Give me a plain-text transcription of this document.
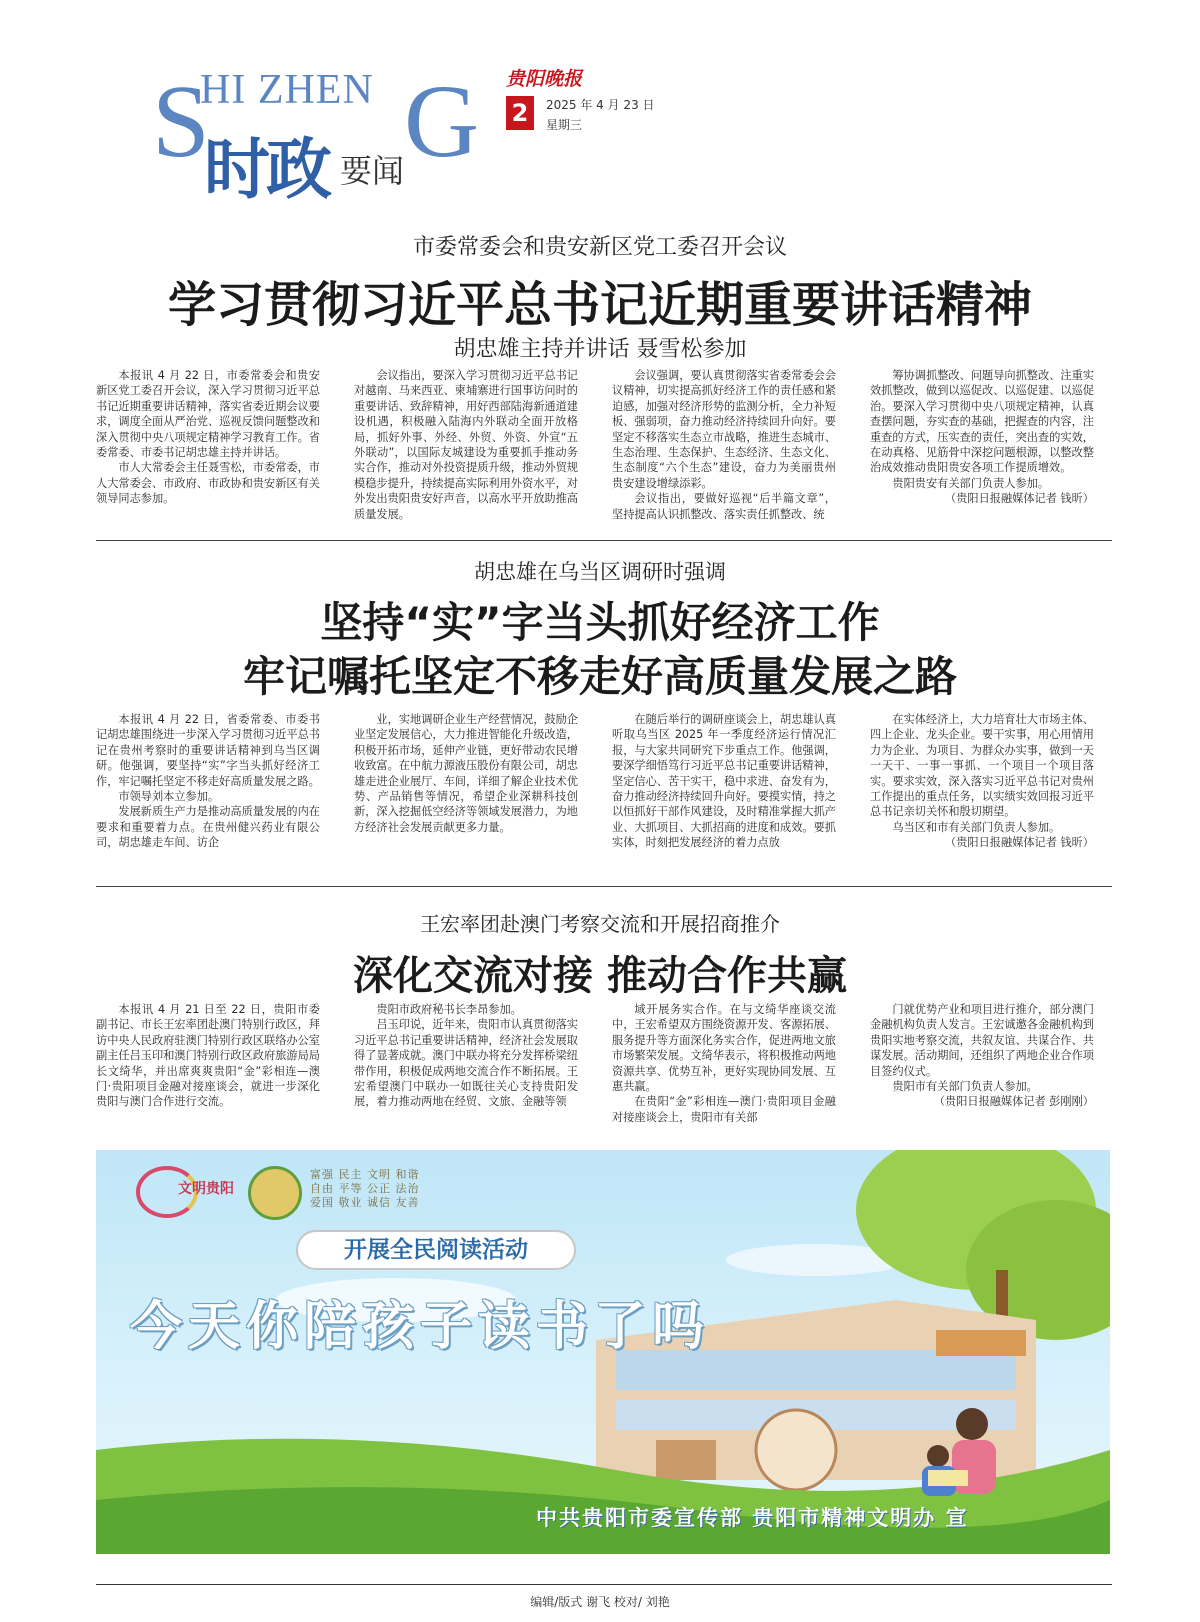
S
HI ZHEN G
时政 要闻
贵阳晚报
2	2025 年 4 月 23 日
星期三
市委常委会和贵安新区党工委召开会议
学习贯彻习近平总书记近期重要讲话精神
胡忠雄主持并讲话 聂雪松参加

本报讯 4 月 22 日，市委常委会和贵安新区党工委召开会议，深入学习贯彻习近平总书记近期重要讲话精神，落实省委近期会议要求，调度全面从严治党、巡视反馈问题整改和深入贯彻中央八项规定精神学习教育工作。省委常委、市委书记胡忠雄主持并讲话。

市人大常委会主任聂雪松，市委常委，市人大常委会、市政府、市政协和贵安新区有关领导同志参加。

会议指出，要深入学习贯彻习近平总书记对越南、马来西亚、柬埔寨进行国事访问时的重要讲话、致辞精神，用好西部陆海新通道建设机遇，积极融入陆海内外联动全面开放格局，抓好外事、外经、外贸、外资、外宣“五外联动”，以国际友城建设为重要抓手推动务实合作，推动对外投资提质升级，推动外贸规模稳步提升，持续提高实际利用外资水平，对外发出贵阳贵安好声音，以高水平开放助推高质量发展。

会议强调，要认真贯彻落实省委常委会会议精神，切实提高抓好经济工作的责任感和紧迫感，加强对经济形势的监测分析，全力补短板、强弱项，奋力推动经济持续回升向好。要坚定不移落实生态立市战略，推进生态城市、生态治理、生态保护、生态经济、生态文化、生态制度“六个生态”建设，奋力为美丽贵州贵安建设增绿添彩。

会议指出，要做好巡视“后半篇文章”，坚持提高认识抓整改、落实责任抓整改、统

筹协调抓整改、问题导向抓整改、注重实效抓整改，做到以巡促改、以巡促建、以巡促治。要深入学习贯彻中央八项规定精神，认真查摆问题，夯实查的基础，把握查的内容，注重查的方式，压实查的责任，突出查的实效，在动真格、见筋骨中深挖问题根源，以整改整治成效推动贵阳贵安各项工作提质增效。

贵阳贵安有关部门负责人参加。

（贵阳日报融媒体记者 钱昕）

胡忠雄在乌当区调研时强调
坚持“实”字当头抓好经济工作
牢记嘱托坚定不移走好高质量发展之路

本报讯 4 月 22 日，省委常委、市委书记胡忠雄围绕进一步深入学习贯彻习近平总书记在贵州考察时的重要讲话精神到乌当区调研。他强调，要坚持“实”字当头抓好经济工作，牢记嘱托坚定不移走好高质量发展之路。

市领导刘本立参加。

发展新质生产力是推动高质量发展的内在要求和重要着力点。在贵州健兴药业有限公司，胡忠雄走车间、访企

业，实地调研企业生产经营情况，鼓励企业坚定发展信心，大力推进智能化升级改造，积极开拓市场，延伸产业链，更好带动农民增收致富。在中航力源液压股份有限公司，胡忠雄走进企业展厅、车间，详细了解企业技术优势、产品销售等情况，希望企业深耕科技创新，深入挖掘低空经济等领域发展潜力，为地方经济社会发展贡献更多力量。

在随后举行的调研座谈会上，胡忠雄认真听取乌当区 2025 年一季度经济运行情况汇报，与大家共同研究下步重点工作。他强调，要深学细悟笃行习近平总书记重要讲话精神，坚定信心、苦干实干，稳中求进、奋发有为，奋力推动经济持续回升向好。要摸实情，持之以恒抓好干部作风建设，及时精准掌握大抓产业、大抓项目、大抓招商的进度和成效。要抓实体，时刻把发展经济的着力点放

在实体经济上，大力培育壮大市场主体、四上企业、龙头企业。要干实事，用心用情用力为企业、为项目、为群众办实事，做到一天一天干、一事一事抓、一个项目一个项目落实。要求实效，深入落实习近平总书记对贵州工作提出的重点任务，以实绩实效回报习近平总书记亲切关怀和殷切期望。

乌当区和市有关部门负责人参加。

（贵阳日报融媒体记者 钱昕）

王宏率团赴澳门考察交流和开展招商推介
深化交流对接 推动合作共赢

本报讯 4 月 21 日至 22 日，贵阳市委副书记、市长王宏率团赴澳门特别行政区，拜访中央人民政府驻澳门特别行政区联络办公室副主任吕玉印和澳门特别行政区政府旅游局局长文绮华，并出席爽爽贵阳“金”彩相连—澳门·贵阳项目金融对接座谈会，就进一步深化贵阳与澳门合作进行交流。

贵阳市政府秘书长李昂参加。

吕玉印说，近年来，贵阳市认真贯彻落实习近平总书记重要讲话精神，经济社会发展取得了显著成就。澳门中联办将充分发挥桥梁纽带作用，积极促成两地交流合作不断拓展。王宏希望澳门中联办一如既往关心支持贵阳发展，着力推动两地在经贸、文旅、金融等领

域开展务实合作。在与文绮华座谈交流中，王宏希望双方围绕资源开发、客源拓展、服务提升等方面深化务实合作，促进两地文旅市场繁荣发展。文绮华表示，将积极推动两地资源共享、优势互补，更好实现协同发展、互惠共赢。

在贵阳“金”彩相连—澳门·贵阳项目金融对接座谈会上，贵阳市有关部

门就优势产业和项目进行推介，部分澳门金融机构负责人发言。王宏诚邀各金融机构到贵阳实地考察交流，共叙友谊、共谋合作、共谋发展。活动期间，还组织了两地企业合作项目签约仪式。

贵阳市有关部门负责人参加。

（贵阳日报融媒体记者 彭刚刚）

文明贵阳
富强 民主 文明 和谐
自由 平等 公正 法治
爱国 敬业 诚信 友善
开展全民阅读活动
今天你陪孩子读书了吗
中共贵阳市委宣传部 贵阳市精神文明办 宣
编辑/版式 谢飞 校对/ 刘艳
